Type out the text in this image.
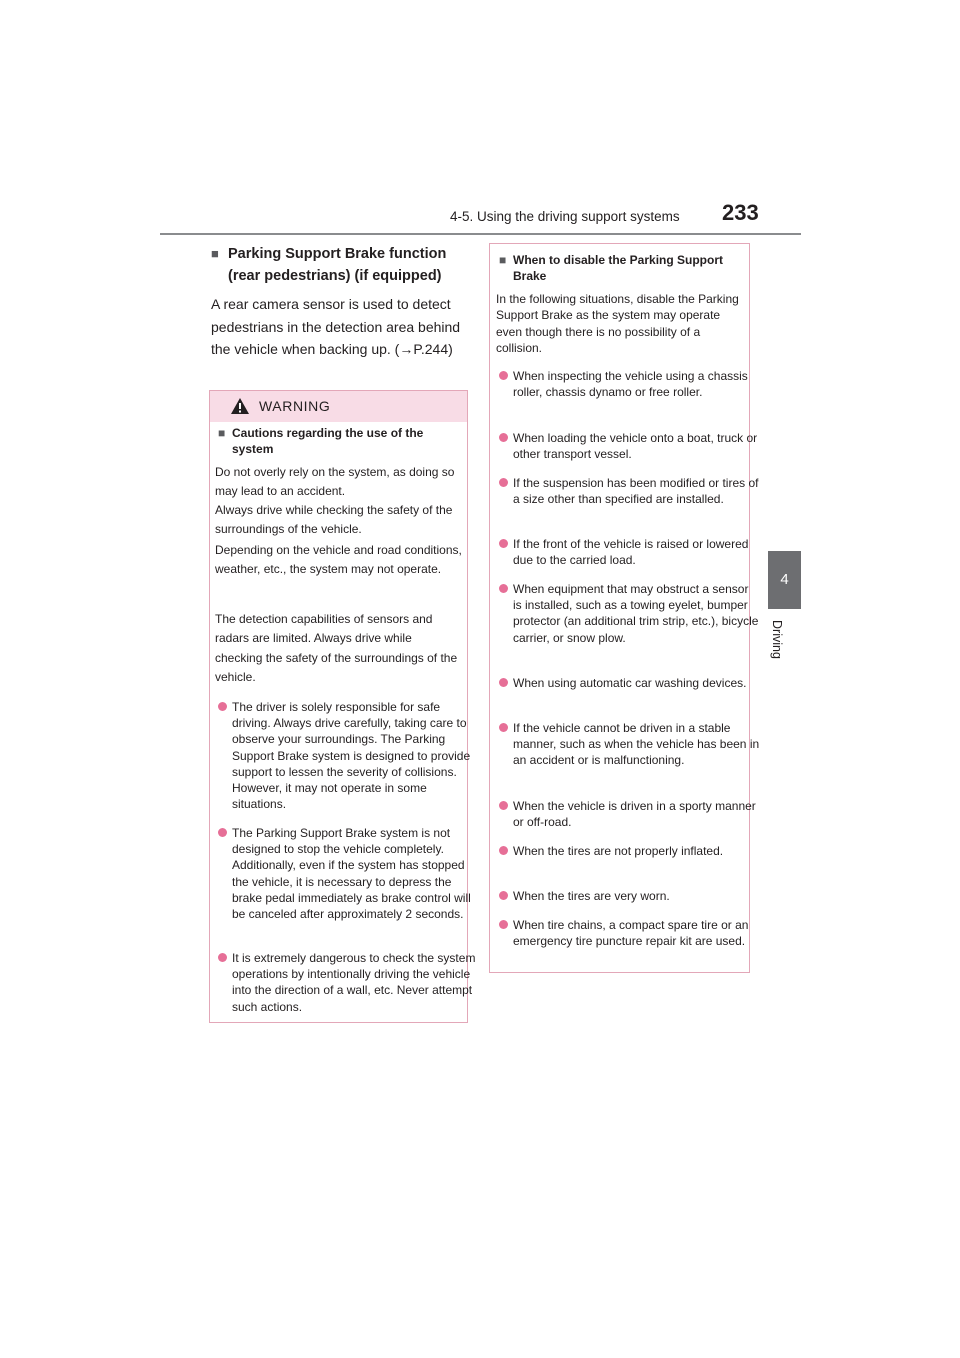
4-5. Using the driving support systems 233
4
Driving
■ Parking Support Brake function (rear pedestrians) (if equipped)
A rear camera sensor is used to detect pedestrians in the detection area behind the vehicle when backing up. (→P.244)
WARNING
■ Cautions regarding the use of the system
Do not overly rely on the system, as doing so may lead to an accident.
Always drive while checking the safety of the surroundings of the vehicle.
Depending on the vehicle and road conditions, weather, etc., the system may not operate.
The detection capabilities of sensors and radars are limited. Always drive while checking the safety of the surroundings of the vehicle.
The driver is solely responsible for safe driving. Always drive carefully, taking care to observe your surroundings. The Parking Support Brake system is designed to provide support to lessen the severity of collisions. However, it may not operate in some situations.
The Parking Support Brake system is not designed to stop the vehicle completely. Additionally, even if the system has stopped the vehicle, it is necessary to depress the brake pedal immediately as brake control will be canceled after approximately 2 seconds.
It is extremely dangerous to check the system operations by intentionally driving the vehicle into the direction of a wall, etc. Never attempt such actions.
■ When to disable the Parking Support Brake
In the following situations, disable the Parking Support Brake as the system may operate even though there is no possibility of a collision.
When inspecting the vehicle using a chassis roller, chassis dynamo or free roller.
When loading the vehicle onto a boat, truck or other transport vessel.
If the suspension has been modified or tires of a size other than specified are installed.
If the front of the vehicle is raised or lowered due to the carried load.
When equipment that may obstruct a sensor is installed, such as a towing eyelet, bumper protector (an additional trim strip, etc.), bicycle carrier, or snow plow.
When using automatic car washing devices.
If the vehicle cannot be driven in a stable manner, such as when the vehicle has been in an accident or is malfunctioning.
When the vehicle is driven in a sporty manner or off-road.
When the tires are not properly inflated.
When the tires are very worn.
When tire chains, a compact spare tire or an emergency tire puncture repair kit are used.
